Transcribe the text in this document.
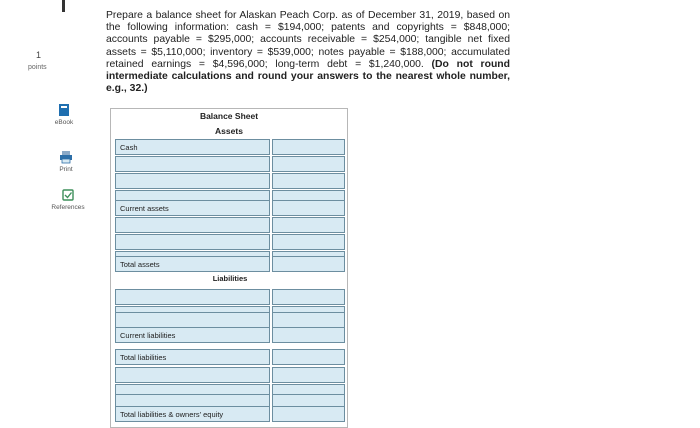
1
points
eBook
Print
References
Prepare a balance sheet for Alaskan Peach Corp. as of December 31, 2019, based on the following information: cash = $194,000; patents and copyrights = $848,000; accounts payable = $295,000; accounts receivable = $254,000; tangible net fixed assets = $5,110,000; inventory = $539,000; notes payable = $188,000; accumulated retained earnings = $4,596,000; long-term debt = $1,240,000. (Do not round intermediate calculations and round your answers to the nearest whole number, e.g., 32.)
Balance Sheet
Assets
Cash
Current assets
Total assets
Liabilities
Current liabilities
Total liabilities
Total liabilities & owners' equity
